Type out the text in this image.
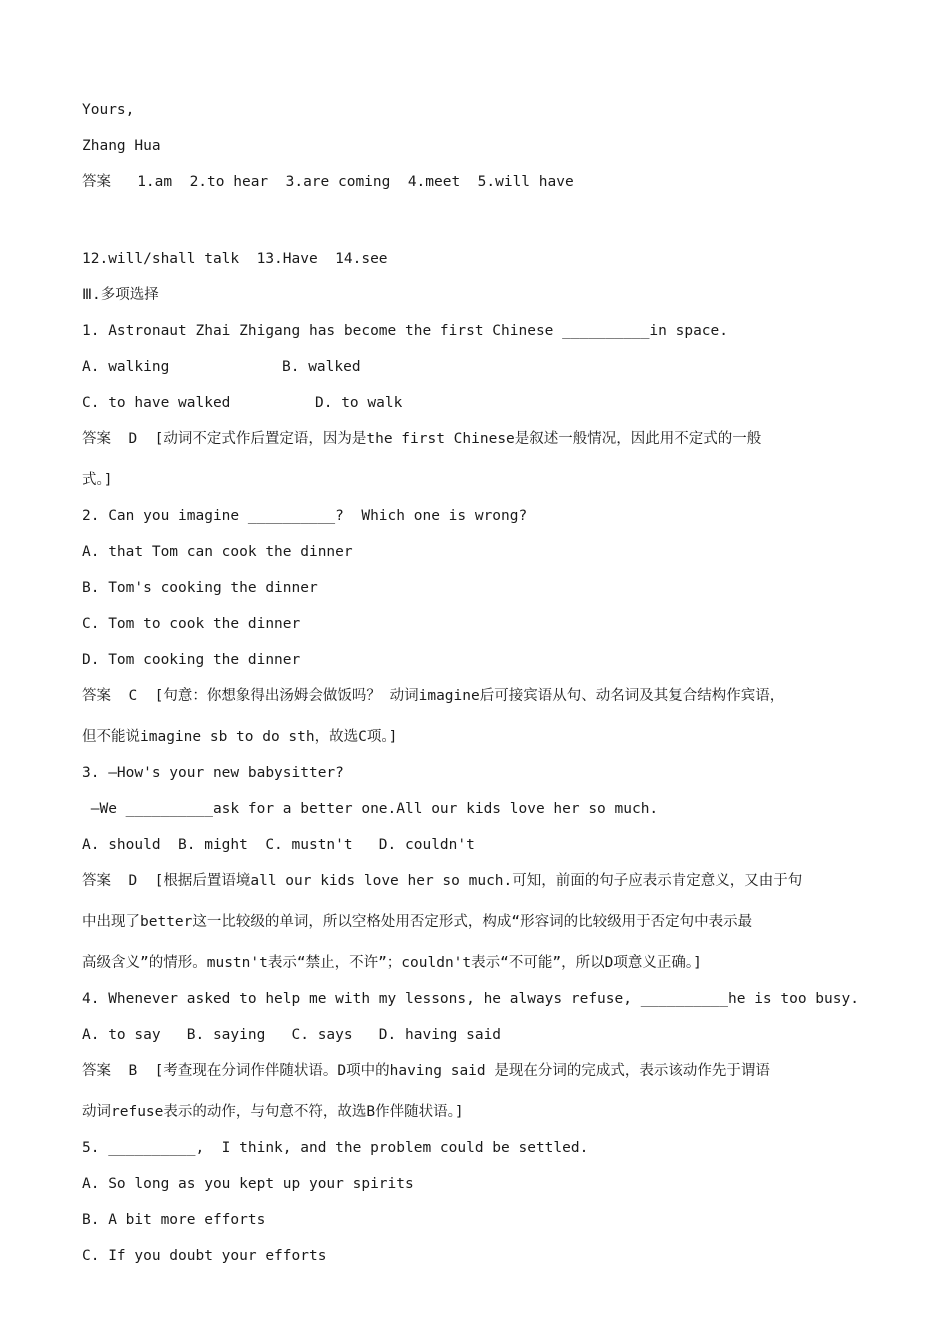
Yours,
Zhang Hua
答案 1.am  2.to hear  3.are coming  4.meet  5.will have

12.will/shall talk  13.Have  14.see
Ⅲ.多项选择
1. Astronaut Zhai Zhigang has become the first Chinese __________in space.
A. walking	B. walked
C. to have walked	D. to walk
答案  D  [动词不定式作后置定语，因为是the first Chinese是叙述一般情况，因此用不定式的一般
式。]
2. Can you imagine __________?  Which one is wrong?
A. that Tom can cook the dinner
B. Tom's cooking the dinner
C. Tom to cook the dinner
D. Tom cooking the dinner
答案  C  [句意：你想象得出汤姆会做饭吗？ 动词imagine后可接宾语从句、动名词及其复合结构作宾语，
但不能说imagine sb to do sth，故选C项。]
3. —How's your new babysitter?
—We __________ask for a better one.All our kids love her so much.
A. should  B. might  C. mustn't   D. couldn't
答案  D  [根据后置语境all our kids love her so much.可知，前面的句子应表示肯定意义，又由于句
中出现了better这一比较级的单词，所以空格处用否定形式，构成“形容词的比较级用于否定句中表示最
高级含义”的情形。mustn't表示“禁止，不许”；couldn't表示“不可能”，所以D项意义正确。]
4. Whenever asked to help me with my lessons, he always refuse, __________he is too busy.
A. to say   B. saying   C. says   D. having said
答案  B  [考查现在分词作伴随状语。D项中的having said 是现在分词的完成式，表示该动作先于谓语
动词refuse表示的动作，与句意不符，故选B作伴随状语。]
5. __________,  I think, and the problem could be settled.
A. So long as you kept up your spirits
B. A bit more efforts
C. If you doubt your efforts
